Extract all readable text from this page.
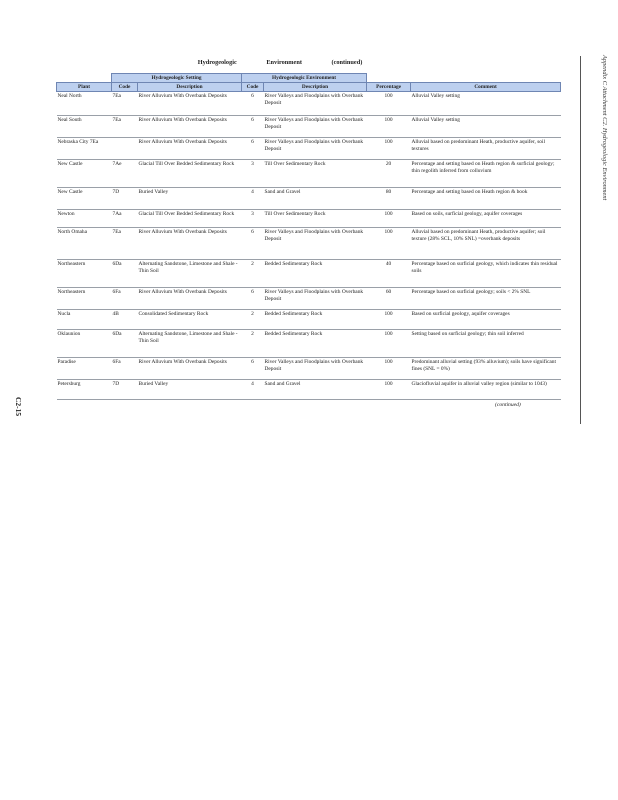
Hydrogeologic	Environment	(continued)	Appendix C Attachment C2. Hydrogeologic Environment
C2-15
	Hydrogeologic Setting		Hydrogeologic Environment			
Plant	Code	Description	Code	Description	Percentage	Comment
Neal North	7Ea	River Alluvium With Overbank Deposits	6	River Valleys and Floodplains with Overbank Deposit	100	Alluvial Valley setting
Neal South	7Ea	River Alluvium With Overbank Deposits	6	River Valleys and Floodplains with Overbank Deposit	100	Alluvial Valley setting
Nebraska City 7Ea		River Alluvium With Overbank Deposits	6	River Valleys and Floodplains with Overbank Deposit	100	Alluvial based on predominant Heath, productive aquifer, soil textures
New Castle	7Ae	Glacial Till Over Bedded Sedimentary Rock	3	Till Over Sedimentary Rock	20	Percentage and setting based on Heath region & surficial geology; thin regolith inferred from colluvium
New Castle	7D	Buried Valley	4	Sand and Gravel	80	Percentage and setting based on Heath region & book
Newton	7Aa	Glacial Till Over Bedded Sedimentary Rock	3	Till Over Sedimentary Rock	100	Based on soils, surficial geology, aquifer coverages
North Omaha	7Ea	River Alluvium With Overbank Deposits	6	River Valleys and Floodplains with Overbank Deposit	100	Alluvial based on predominant Heath, productive aquifer; soil texture (28% SCL, 10% SNL) =overbank deposits
Northeastern	6Da	Alternating Sandstone, Limestone and Shale - Thin Soil	2	Bedded Sedimentary Rock	40	Percentage based on surficial geology, which indicates thin residual soils
Northeastern	6Fa	River Alluvium With Overbank Deposits	6	River Valleys and Floodplains with Overbank Deposit	60	Percentage based on surficial geology; soils < 2% SNL
Nucla	4B	Consolidated Sedimentary Rock	2	Bedded Sedimentary Rock	100	Based on surficial geology, aquifer coverages
Oklaunion	6Da	Alternating Sandstone, Limestone and Shale - Thin Soil	2	Bedded Sedimentary Rock	100	Setting based on surficial geology; thin soil inferred
Paradise	6Fa	River Alluvium With Overbank Deposits	6	River Valleys and Floodplains with Overbank Deposit	100	Predominant alluvial setting (93% alluvium); soils have significant fines (SNL = 0%)
Petersburg	7D	Buried Valley	4	Sand and Gravel	100	Glaciofluvial aquifer in alluvial valley region (similar to 1043)
(continued)
